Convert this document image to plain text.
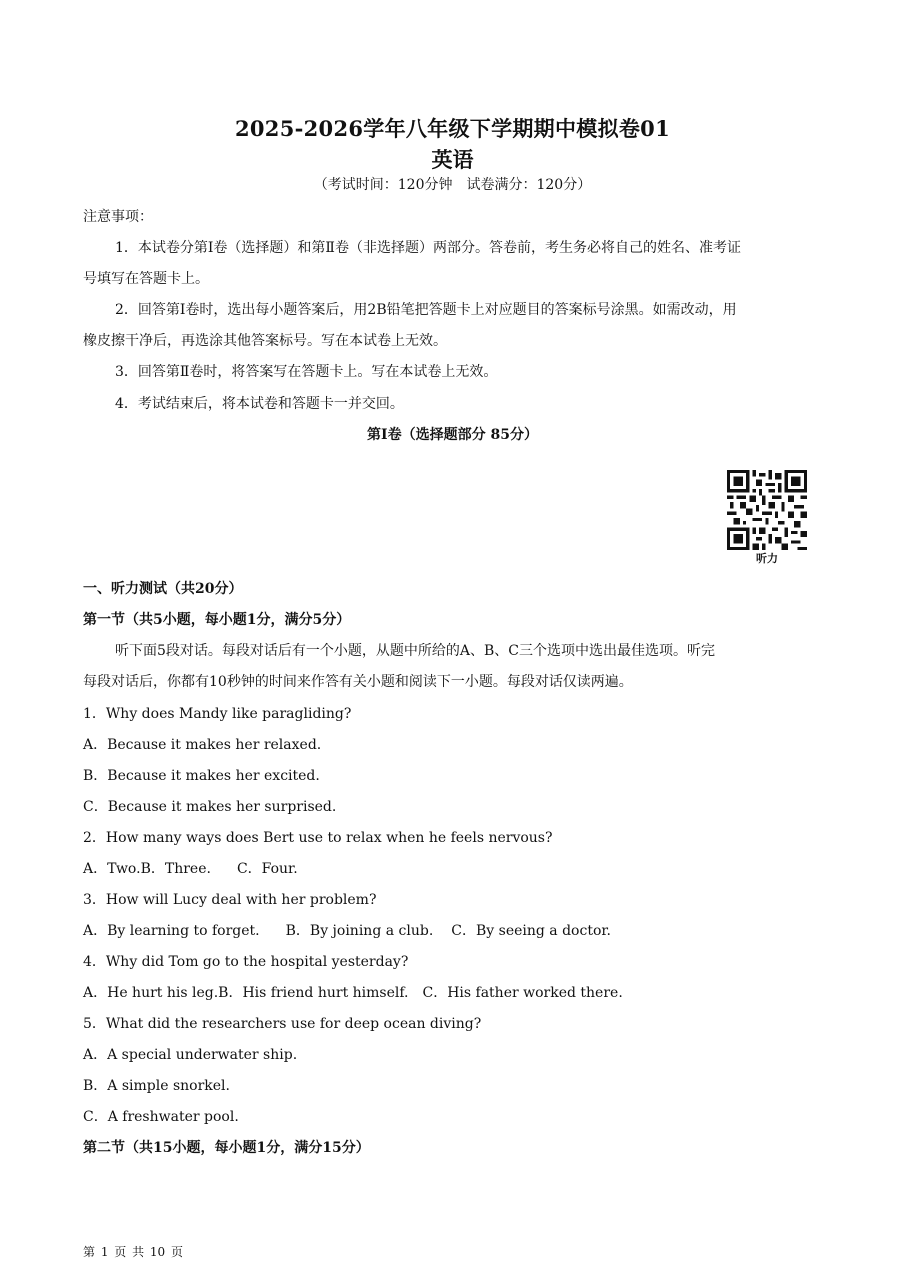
2025-2026学年八年级下学期期中模拟卷01
英语
（考试时间：120分钟　试卷满分：120分）
注意事项：
1．本试卷分第Ⅰ卷（选择题）和第Ⅱ卷（非选择题）两部分。答卷前，考生务必将自己的姓名、准考证
号填写在答题卡上。
2．回答第Ⅰ卷时，选出每小题答案后，用2B铅笔把答题卡上对应题目的答案标号涂黑。如需改动，用
橡皮擦干净后，再选涂其他答案标号。写在本试卷上无效。
3．回答第Ⅱ卷时，将答案写在答题卡上。写在本试卷上无效。
4．考试结束后，将本试卷和答题卡一并交回。
第Ⅰ卷（选择题部分 85分）
听力
一、听力测试（共20分）
第一节（共5小题，每小题1分，满分5分）
听下面5段对话。每段对话后有一个小题，从题中所给的A、B、C三个选项中选出最佳选项。听完
每段对话后，你都有10秒钟的时间来作答有关小题和阅读下一小题。每段对话仅读两遍。
1．Why does Mandy like paragliding?
A．Because it makes her relaxed.
B．Because it makes her excited.
C．Because it makes her surprised.
2．How many ways does Bert use to relax when he feels nervous?
A．Two.B．Three. C．Four.
3．How will Lucy deal with her problem?
A．By learning to forget. B．By joining a club. C．By seeing a doctor.
4．Why did Tom go to the hospital yesterday?
A．He hurt his leg.B．His friend hurt himself. C．His father worked there.
5．What did the researchers use for deep ocean diving?
A．A special underwater ship.
B．A simple snorkel.
C．A freshwater pool.
第二节（共15小题，每小题1分，满分15分）
第 1 页 共 10 页
